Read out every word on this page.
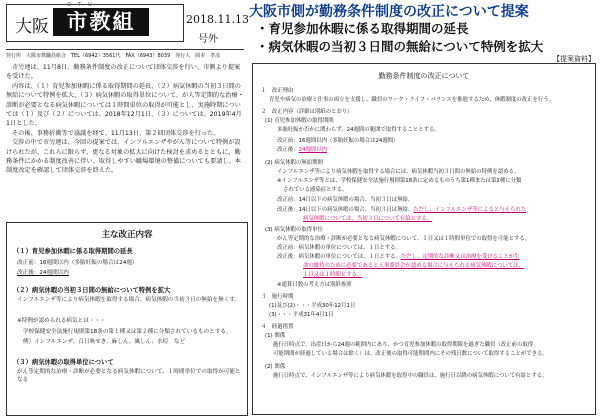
大阪
OTU
市教組	2018.11.13
号外
発行所　大阪市教職員組合　TEL（6942）3561代　FAX（6943）8039　発行人　岡本　孝彦
大阪市側が勤務条件制度の改正について提案
・育児参加休暇に係る取得期間の延長
・病気休暇の当初３日間の無給について特例を拡大
【提案資料】

市労連は、11月8日、勤務条件制度の改正について団体交渉を行い、市側より提案を受けた。

内容は、（１）育児参加休暇に係る取得期間の延長、（２）病気休暇の当初３日間の無給について特例を拡大、（３）病気休暇の取得単位について、が人等定期的な治療・診断が必要となる病気休暇については１時間単位の取得が可能とし、実施時期については（１）及び（２）については、2018年12月1日、（３）については、2019年4月1日とした。

その後、事務折衝等で協議を経て、11月13日、第２回団体交渉を行った。

交渉の中で市労連は、今回の提案では、インフルエンザやがん等について特例が設けられたが、これらに限らず、更なる対象の拡大に向けた検討を求めるとともに、勤務条件にかかる制度改善に伴い、取得しやすい職場環境の整備についても要請し、本制度改定を確認して団体交渉を終えた。

主な改正内容
（１）育児参加休暇に係る取得期間の延長
改正前：16週間以内（多胎妊娠の場合は24週）
改正後：24週間以内
（２）病気休暇の当初３日間の無給について特例を拡大
インフルエンザ等により病気休暇を取得する場合、病気休暇の当初３日の無給を無くす。
※特例が認められる病気とは・・・
学校保健安全法施行規則第18条の第１種又は第２種に分類されているものとする。
例）インフルエンザ、百日咳せき、麻しん、風しん、水痘　など
（３）病気休暇の取得単位について
がん等定期的な治療・診断が必要となる病気休暇について、１時間単位での取得が可能となる
勤務条件制度の改正について
１　改正理由
育児や病気の治療と仕事の両立を支援し、職員のワーク・ライフ・バランスを推進するため、休暇制度の改正を行う。
２　改正内容（詳細は別紙のとおり）
(1) 育児参加休暇の取得期間
多胎妊娠か否かに関わらず、24週間の範囲で取得することとする。
改正前：16週間以内（多胎妊娠の場合は24週間）
改正後：24週間以内
(2) 病気休暇の無給期間
インフルエンザ等により病気休暇を取得する場合には、病気休暇当初３日間の無給の特例を認める。
※インフルエンザ等とは、学校保健安全法施行規則第18条に定めるものうち第1種または第2種に分類
されている感染症とする。
改正前：14日以下の病気休暇の場合、当初３日は無給。
改正後：14日以下の病気休暇の場合、当初３日は無給。ただし、インフルエンザ等によると与えられた
病気休暇については、当初３日について有給とする。
(3) 病気休暇の取得単位
がん等定期的な治療・診断が必要となる病気休暇について、１日又は１時間単位での取得を可能とする。
改正前：病気休暇の単位については、１日とする。
改正後：病気休暇の単位については、１日とする。ただし、定期的な診断又は治療を受けることが生
命の維持のために必要であると人事委員会が認める場合に与えられる病気休暇については、
１日又は１時間とする。
※通算日数の考え方は別紙参照
３　施行時期
(1)及び(2)・・・平成30年12月1日
(3)・・・平成31年4月1日
４　経過措置
(1) 関係
施行日時点で、出産日から24週の範囲内にあり、かつ育児参加休暇の取得期限を過ぎた職員（改正前の取得
可能期間が経過している場合は除く）は、改正後の取得可能期間内にその残日数について取得することができる。
(2) 関係
施行日時点で、インフルエンザ等により病気休暇を取得中の職員は、施行日以降の病気休暇について有給とする。
